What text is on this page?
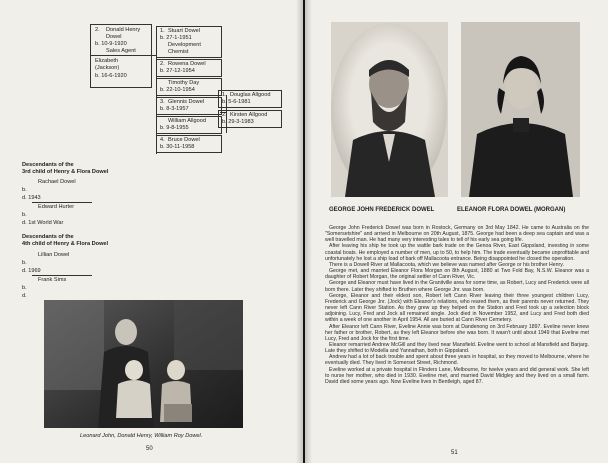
2. Donald Henry
Dowel
b. 10-9-1920
Sales Agent
Elizabeth
(Jackson)
b. 16-6-1920
1. Stuart Dowel
b. 27-1-1951
Development
Chemist
2. Rowena Dowel
b. 27-12-1954
Timothy Day
b. 22-10-1954
3. Glennis Dowel
b. 8-3-1957
William Allgood
b. 9-8-1955
4. Bruce Dowel
b. 30-11-1958
1. Douglas Allgood
b. 5-6-1981
2. Kirsten Allgood
b. 29-3-1983
Descendants of the
3rd child of Henry & Flora Dowel
Rachael Dowel
b.
d. 1943
Edward Hurter
b.
d. 1st World War
Descendants of the
4th child of Henry & Flora Dowel
Lillian Dowel
b.
d. 1969
Frank Sims
b.
d.
Leonard John, Donald Henry, William Roy Dowel.
50
GEORGE JOHN FREDERICK DOWEL	ELEANOR FLORA DOWEL (MORGAN)

George John Frederick Dowel was born in Rostock, Germany on 3rd May 1842. He came to Australia on the "Somersetshire" and arrived in Melbourne on 20th August, 1875. George had been a deep sea captain and was a well travelled man. He had many very interesting tales to tell of his early sea going life.

After leaving his ship he took up the wattle bark trade on the Genoa River, East Gippsland, investing in some coastal boats. He employed a number of men, up to 50, to help him. The trade eventually became unprofitable and unfortunately he lost a ship load of bark off Mallacoota entrance. Being disappointed he closed the operation.

There is a Dowell River at Mallacoota, which we believe was named after George or his brother Henry.

George met, and married Eleanor Flora Morgan on 8th August, 1880 at Two Fold Bay, N.S.W. Eleanor was a daughter of Robert Morgan, the original settler of Cann River, Vic.

George and Eleanor must have lived in the Granitville area for some time, as Robert, Lucy and Frederick were all born there. Later they shifted to Bruthen where George Jnr. was born.

George, Eleanor and their eldest son, Robert left Cann River leaving their three youngest children Lucy, Frederick and George Jnr. (Jock) with Eleanor's relations, who reared them, as their parents never returned. They never left Cann River Station. As they grew up they helped on the Station and Fred took up a selection block adjoining. Lucy, Fred and Jock all remained single. Jock died in November 1952, and Lucy and Fred both died within a week of one another in April 1954. All are buried at Cann River Cemetery.

After Eleanor left Cann River, Eveline Annie was born at Dandenong on 3rd February 1897. Eveline never knew her father or brother, Robert, as they left Eleanor before she was born. It wasn't until about 1949 that Eveline met Lucy, Fred and Jock for the first time.

Eleanor remarried Andrew McGill and they lived near Mansfield. Eveline went to school at Mansfield and Barjarg. Late they shifted to Modella and Yannathan, both in Gippsland.

Andrew had a lot of back trouble and spent about three years in hospital, so they moved to Melbourne, where he eventually died. They lived in Somerset Street, Richmond.

Eveline worked at a private hospital in Flinders Lane, Melbourne, for twelve years and did general work. She left to nurse her mother, who died in 1930. Eveline met, and married David Midgley and they lived on a small farm. David died some years ago. Now Eveline lives in Bentleigh, aged 87.

51
